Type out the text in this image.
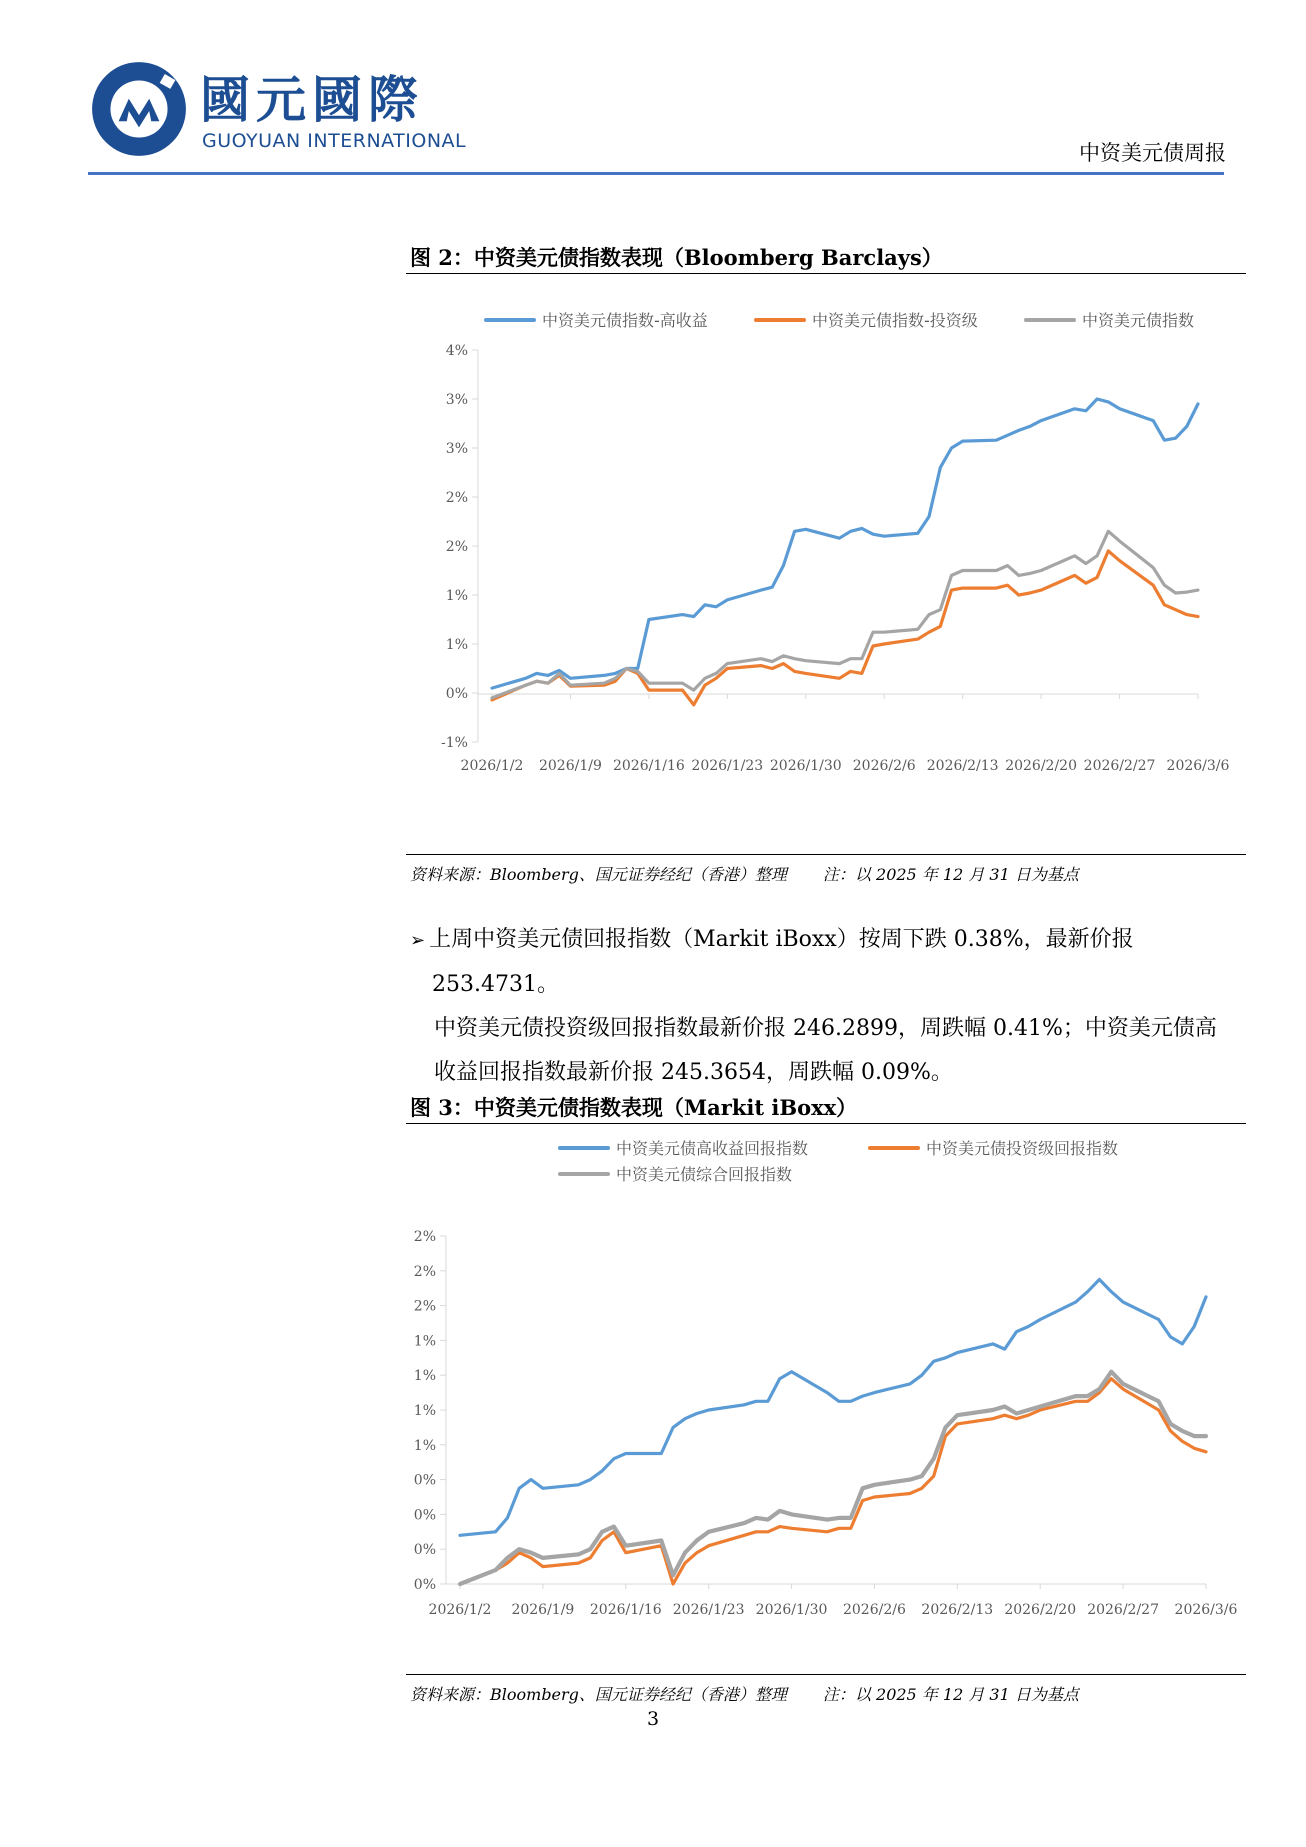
國元國際
GUOYUAN INTERNATIONAL	中资美元债周报
图 2：中资美元债指数表现（Bloomberg Barclays）
中资美元债指数-高收益	中资美元债指数-投资级	中资美元债指数
-1%
0%
1%
1%
2%
2%
3%
3%
4%
2026/1/2 2026/1/9 2026/1/16 2026/1/23 2026/1/30 2026/2/6 2026/2/13 2026/2/20 2026/2/27 2026/3/6
资料来源：Bloomberg、国元证券经纪（香港）整理 注：以 2025 年 12 月 31 日为基点

➢ 上周中资美元债回报指数（Markit iBoxx）按周下跌 0.38%，最新价报 253.4731。

中资美元债投资级回报指数最新价报 246.2899，周跌幅 0.41%；中资美元债高

收益回报指数最新价报 245.3654，周跌幅 0.09%。

图 3：中资美元债指数表现（Markit iBoxx）
中资美元债高收益回报指数	中资美元债投资级回报指数
中资美元债综合回报指数
0%
0%
0%
0%
1%
1%
1%
1%
2%
2%
2%
2026/1/2 2026/1/9 2026/1/16 2026/1/23 2026/1/30 2026/2/6 2026/2/13 2026/2/20 2026/2/27 2026/3/6
资料来源：Bloomberg、国元证券经纪（香港）整理 注：以 2025 年 12 月 31 日为基点
3
